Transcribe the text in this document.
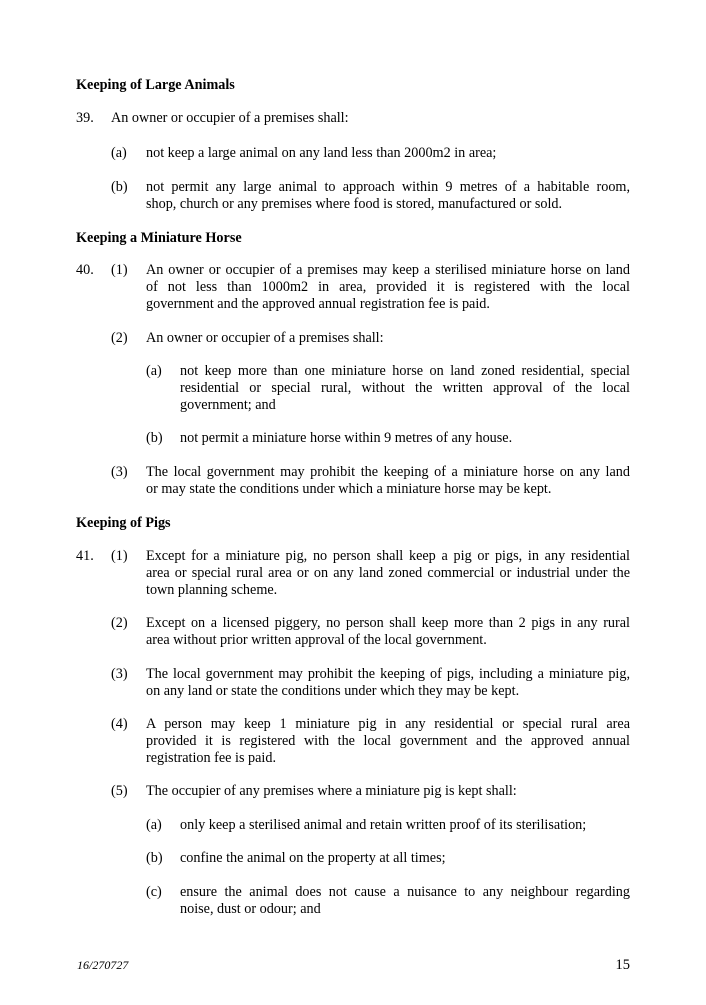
Keeping of Large Animals
39. An owner or occupier of a premises shall:
(a) not keep a large animal on any land less than 2000m2 in area;
(b) not permit any large animal to approach within 9 metres of a habitable room,
shop, church or any premises where food is stored, manufactured or sold.
Keeping a Miniature Horse
40. (1) An owner or occupier of a premises may keep a sterilised miniature horse on land
of not less than 1000m2 in area, provided it is registered with the local
government and the approved annual registration fee is paid.
(2) An owner or occupier of a premises shall:
(a) not keep more than one miniature horse on land zoned residential, special
residential or special rural, without the written approval of the local
government; and
(b) not permit a miniature horse within 9 metres of any house.
(3) The local government may prohibit the keeping of a miniature horse on any land
or may state the conditions under which a miniature horse may be kept.
Keeping of Pigs
41. (1) Except for a miniature pig, no person shall keep a pig or pigs, in any residential
area or special rural area or on any land zoned commercial or industrial under the
town planning scheme.
(2) Except on a licensed piggery, no person shall keep more than 2 pigs in any rural
area without prior written approval of the local government.
(3) The local government may prohibit the keeping of pigs, including a miniature pig,
on any land or state the conditions under which they may be kept.
(4) A person may keep 1 miniature pig in any residential or special rural area
provided it is registered with the local government and the approved annual
registration fee is paid.
(5) The occupier of any premises where a miniature pig is kept shall:
(a) only keep a sterilised animal and retain written proof of its sterilisation;
(b) confine the animal on the property at all times;
(c) ensure the animal does not cause a nuisance to any neighbour regarding
noise, dust or odour; and
16/270727	15
